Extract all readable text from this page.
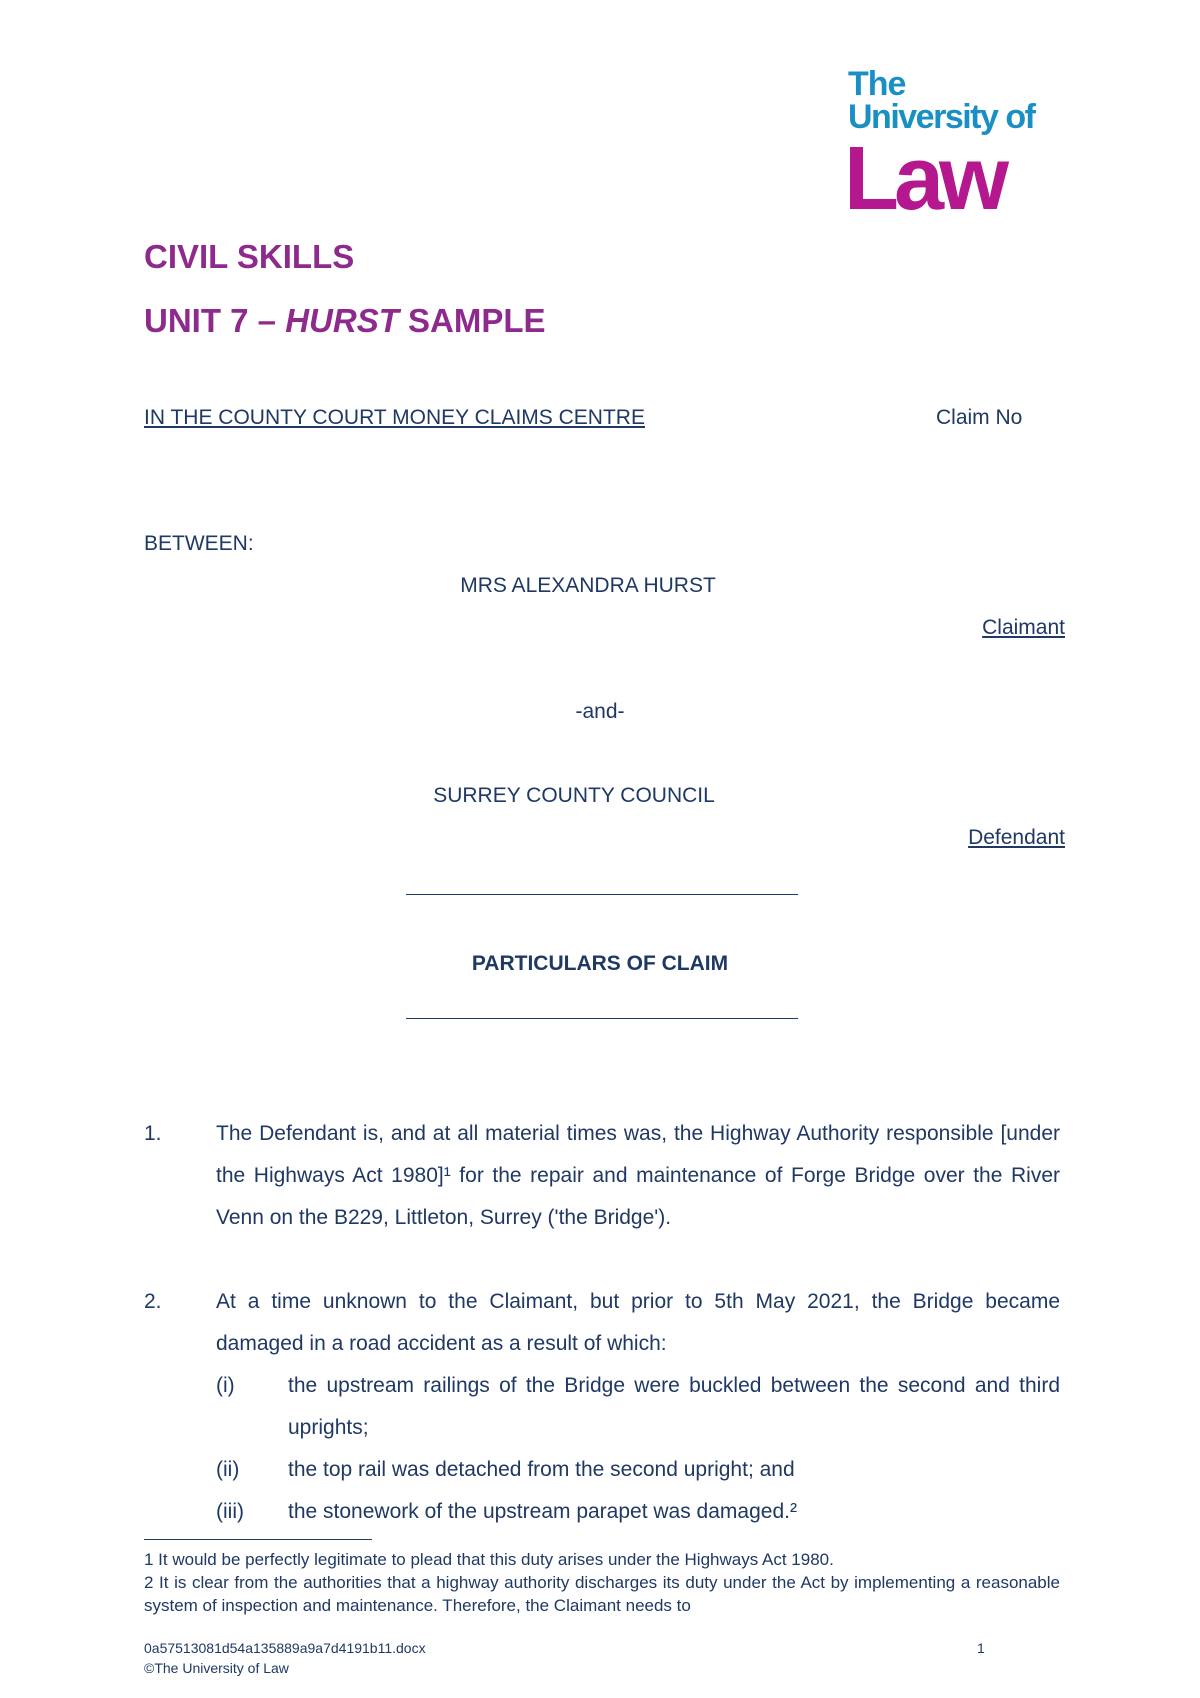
The
University of
Law
CIVIL SKILLS
UNIT 7 – HURST SAMPLE
IN THE COUNTY COURT MONEY CLAIMS CENTRE	Claim No
BETWEEN:
MRS ALEXANDRA HURST
Claimant
-and-
SURREY COUNTY COUNCIL
Defendant
PARTICULARS OF CLAIM
1.	The Defendant is, and at all material times was, the Highway Authority responsible [under the Highways Act 1980]¹ for the repair and maintenance of Forge Bridge over the River Venn on the B229, Littleton, Surrey ('the Bridge').
2.	At a time unknown to the Claimant, but prior to 5th May 2021, the Bridge became damaged in a road accident as a result of which:
(i)	the upstream railings of the Bridge were buckled between the second and third uprights;
(ii) the top rail was detached from the second upright; and
(iii) the stonework of the upstream parapet was damaged.²
1 It would be perfectly legitimate to plead that this duty arises under the Highways Act 1980.
2 It is clear from the authorities that a highway authority discharges its duty under the Act by implementing a reasonable system of inspection and maintenance. Therefore, the Claimant needs to
0a57513081d54a135889a9a7d4191b11.docx
©The University of Law
1
